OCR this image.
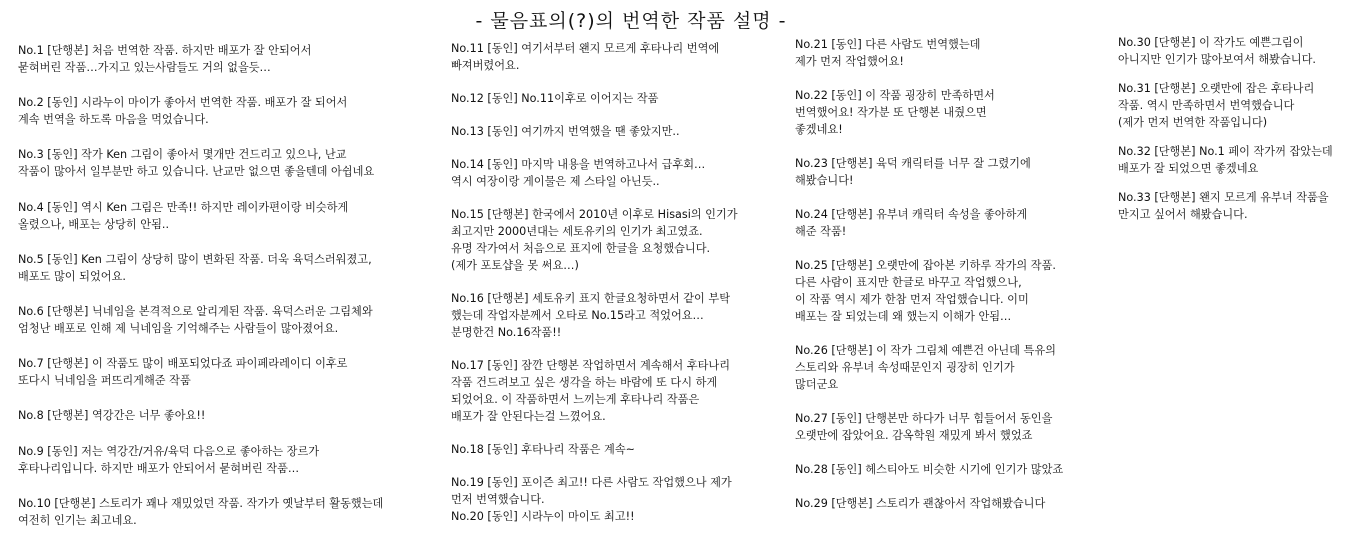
- 물음표의(?)의 번역한 작품 설명 -

No.1 [단행본] 처음 번역한 작품. 하지만 배포가 잘 안되어서
묻혀버린 작품…가지고 있는사람들도 거의 없을듯…

No.2 [동인] 시라누이 마이가 좋아서 번역한 작품. 배포가 잘 되어서
계속 번역을 하도록 마음을 먹었습니다.

No.3 [동인] 작가 Ken 그림이 좋아서 몇개만 건드리고 있으나, 난교
작품이 많아서 일부분만 하고 있습니다. 난교만 없으면 좋을텐데 아쉽네요

No.4 [동인] 역시 Ken 그림은 만족!! 하지만 레이카편이랑 비슷하게
올렸으나, 배포는 상당히 안됨..

No.5 [동인] Ken 그림이 상당히 많이 변화된 작품. 더욱 육덕스러워졌고,
배포도 많이 되었어요.

No.6 [단행본] 닉네임을 본격적으로 알리게된 작품. 육덕스러운 그림체와
엄청난 배포로 인해 제 닉네임을 기억해주는 사람들이 많아졌어요.

No.7 [단행본] 이 작품도 많이 배포되었다죠 파이페라레이디 이후로
또다시 닉네임을 퍼뜨리게해준 작품

No.8 [단행본] 역강간은 너무 좋아요!!

No.9 [동인] 저는 역강간/거유/육덕 다음으로 좋아하는 장르가
후타나리입니다. 하지만 배포가 안되어서 묻혀버린 작품…

No.10 [단행본] 스토리가 꽤나 재밌었던 작품. 작가가 옛날부터 활동했는데
여전히 인기는 최고네요.

No.11 [동인] 여기서부터 왠지 모르게 후타나리 번역에
빠져버렸어요.

No.12 [동인] No.11이후로 이어지는 작품

No.13 [동인] 여기까지 번역했을 땐 좋았지만..

No.14 [동인] 마지막 내용을 번역하고나서 급후회…
역시 여장이랑 게이물은 제 스타일 아닌듯..

No.15 [단행본] 한국에서 2010년 이후로 Hisasi의 인기가
최고지만 2000년대는 세토유키의 인기가 최고였죠.
유명 작가여서 처음으로 표지에 한글을 요청했습니다.
(제가 포토샵을 못 써요…)

No.16 [단행본] 세토유키 표지 한글요청하면서 같이 부탁
했는데 작업자분께서 오타로 No.15라고 적었어요…
분명한건 No.16작품!!

No.17 [동인] 잠깐 단행본 작업하면서 계속해서 후타나리
작품 건드려보고 싶은 생각을 하는 바람에 또 다시 하게
되었어요. 이 작품하면서 느끼는게 후타나리 작품은
배포가 잘 안된다는걸 느꼈어요.

No.18 [동인] 후타나리 작품은 계속~

No.19 [동인] 포이즌 최고!! 다른 사람도 작업했으나 제가
먼저 번역했습니다.

No.20 [동인] 시라누이 마이도 최고!!

No.21 [동인] 다른 사람도 번역했는데
제가 먼저 작업했어요!

No.22 [동인] 이 작품 굉장히 만족하면서
번역했어요! 작가분 또 단행본 내줬으면
좋겠네요!

No.23 [단행본] 육덕 캐릭터를 너무 잘 그렸기에
해봤습니다!

No.24 [단행본] 유부녀 캐릭터 속성을 좋아하게
해준 작품!

No.25 [단행본] 오랫만에 잡아본 키하루 작가의 작품.
다른 사람이 표지만 한글로 바꾸고 작업했으나,
이 작품 역시 제가 한참 먼저 작업했습니다. 이미
배포는 잘 되었는데 왜 했는지 이해가 안됨…

No.26 [단행본] 이 작가 그림체 예쁜건 아닌데 특유의
스토리와 유부녀 속성때문인지 굉장히 인기가
많더군요

No.27 [동인] 단행본만 하다가 너무 힘들어서 동인을
오랫만에 잡았어요. 감옥학원 재밌게 봐서 했었죠

No.28 [동인] 헤스티아도 비슷한 시기에 인기가 많았죠

No.29 [단행본] 스토리가 괜찮아서 작업해봤습니다

No.30 [단행본] 이 작가도 예쁜그림이
아니지만 인기가 많아보여서 해봤습니다.

No.31 [단행본] 오랫만에 잡은 후타나리
작품. 역시 만족하면서 번역했습니다
(제가 먼저 번역한 작품입니다)

No.32 [단행본] No.1 페이 작가꺼 잡았는데
배포가 잘 되었으면 좋겠네요

No.33 [단행본] 왠지 모르게 유부녀 작품을
만지고 싶어서 해봤습니다.
